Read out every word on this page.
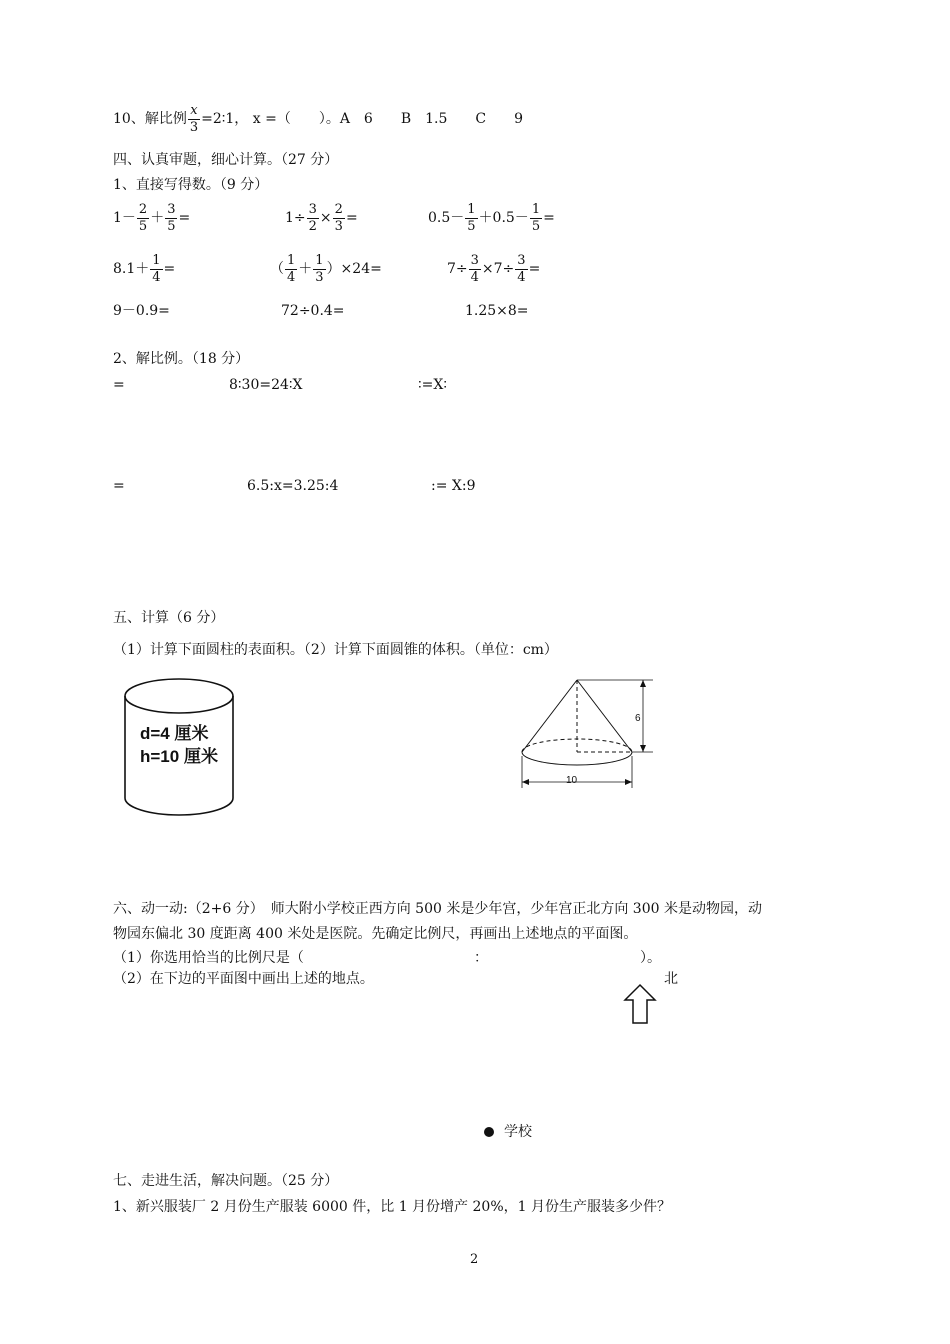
10、解比例 $\frac{x}{3}$ =2∶1， x =（　　）。A　6　　B　1.5　　C　　9
四、认真审题，细心计算。（27 分）
1、直接写得数。（9 分）
$1- \frac{2}{5} + \frac{3}{5}$ =	$1\div \frac{3}{2} \times \frac{2}{3}$ =	$0.5- \frac{1}{5} +0.5- \frac{1}{5}$ =
$8.1+ \frac{1}{4}$ =	（ $\frac{1}{4} + \frac{1}{3} )\times 24=$	$7\div \frac{3}{4} \times 7\div \frac{3}{4}$ =
9－0.9=	72÷0.4=	1.25×8=
2、解比例。（18 分）
=	8∶30=24∶X	∶=X∶
=	6.5:x=3.25:4	:= X:9
五、计算（6 分）
（1）计算下面圆柱的表面积。（2）计算下面圆锥的体积。（单位：cm）
d=4 厘米
h=10 厘米
6
10
六、动一动:（2+6 分）　师大附小学校正西方向 500 米是少年宫，少年宫正北方向 300 米是动物园，动
物园东偏北 30 度距离 400 米处是医院。先确定比例尺，再画出上述地点的平面图。
（1）你选用恰当的比例尺是（	：	）。
（2）在下边的平面图中画出上述的地点。	北
学校
七、走进生活，解决问题。（25 分）
1、新兴服装厂 2 月份生产服装 6000 件，比 1 月份增产 20%，1 月份生产服装多少件？
2
